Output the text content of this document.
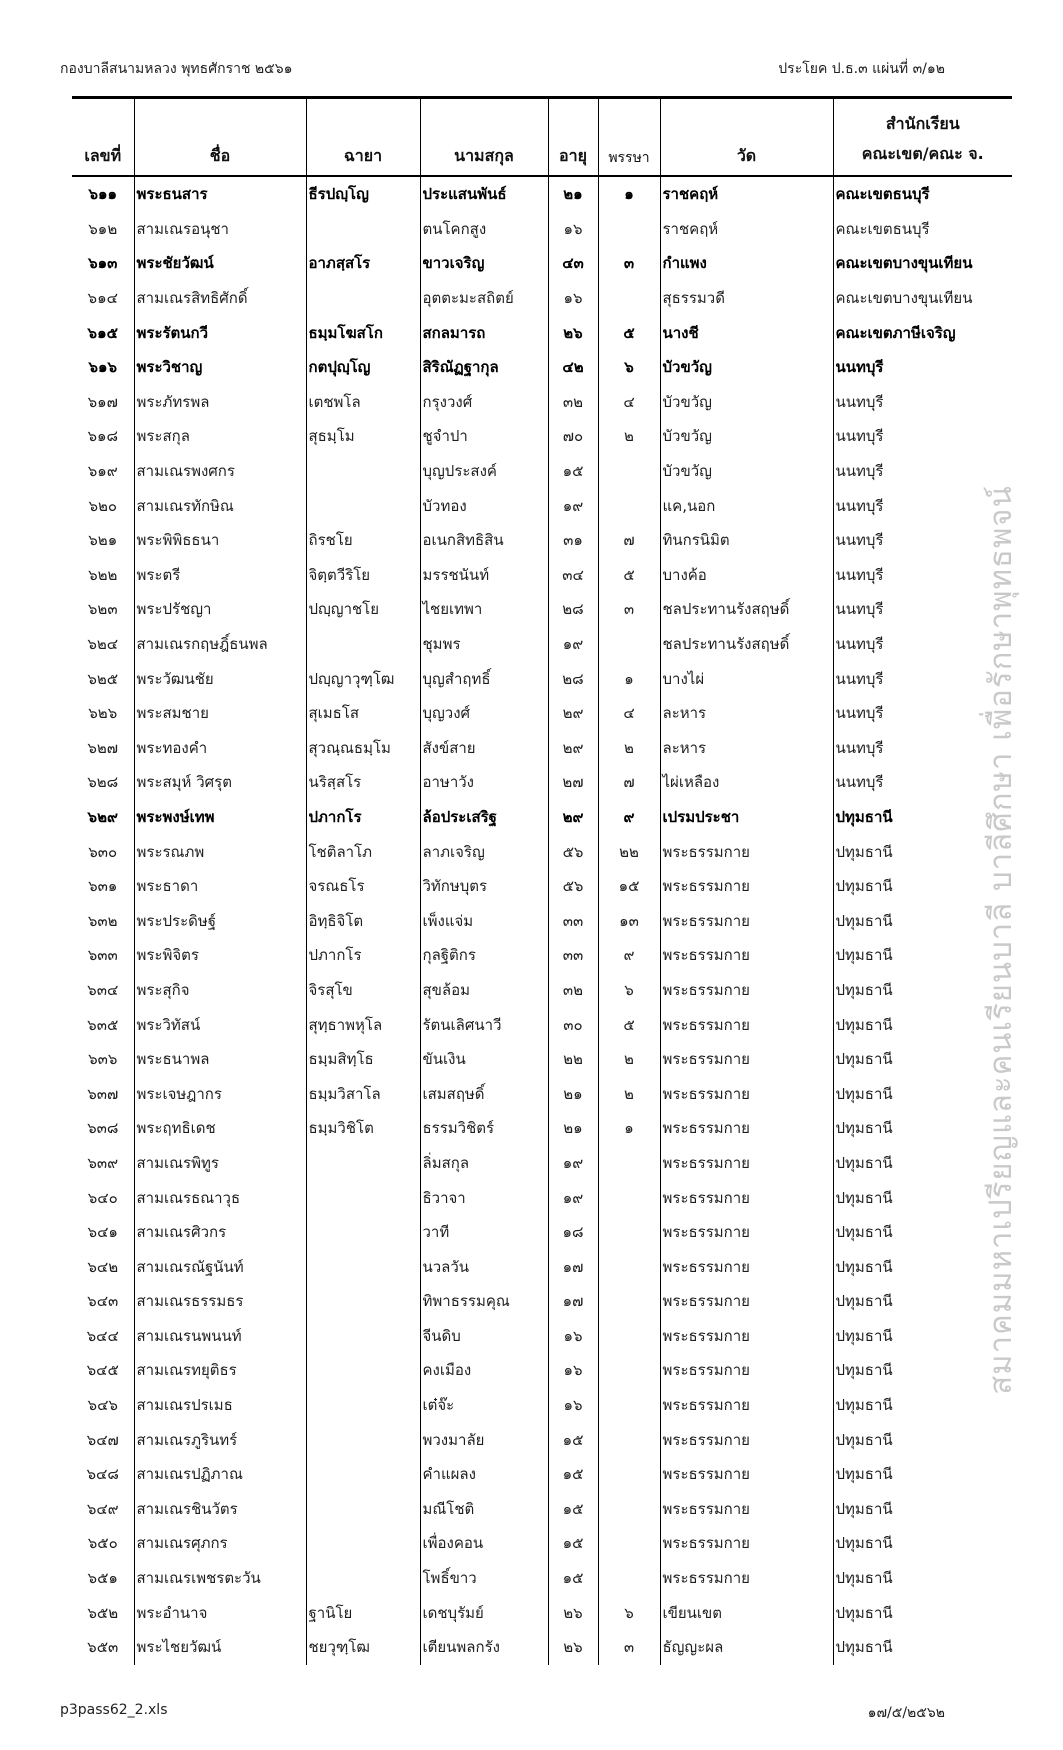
กองบาลีสนามหลวง พุทธศักราช ๒๕๖๑	ประโยค ป.ธ.๓ แผ่นที่ ๓/๑๒
สมาคมมหาเปรียญและคนเรียนบาลี บาลีศึกษา เพื่อรักษาพุทธพจน์
เลขที่	ชื่อ	ฉายา	นามสกุล	อายุ	พรรษา	วัด	สำนักเรียน
คณะเขต/คณะ จ.

๖๑๑	พระธนสาร	ธีรปญฺโญ	ประแสนพันธ์	๒๑	๑	ราชคฤห์	คณะเขตธนบุรี
๖๑๒	สามเณรอนุชา		ตนโคกสูง	๑๖		ราชคฤห์	คณะเขตธนบุรี
๖๑๓	พระชัยวัฒน์	อาภสฺสโร	ขาวเจริญ	๔๓	๓	กำแพง	คณะเขตบางขุนเทียน
๖๑๔	สามเณรสิทธิศักดิ์		อุตตะมะสถิตย์	๑๖		สุธรรมวดี	คณะเขตบางขุนเทียน
๖๑๕	พระรัตนกวี	ธมฺมโฆสโก	สกลมารถ	๒๖	๕	นางชี	คณะเขตภาษีเจริญ
๖๑๖	พระวิชาญ	กตปุญฺโญ	สิริณัฏฐากุล	๔๒	๖	บัวขวัญ	นนทบุรี
๖๑๗	พระภัทรพล	เตชพโล	กรุงวงศ์	๓๒	๔	บัวขวัญ	นนทบุรี
๖๑๘	พระสกุล	สุธมฺโม	ชูจำปา	๗๐	๒	บัวขวัญ	นนทบุรี
๖๑๙	สามเณรพงศกร		บุญประสงค์	๑๕		บัวขวัญ	นนทบุรี
๖๒๐	สามเณรทักษิณ		บัวทอง	๑๙		แค,นอก	นนทบุรี
๖๒๑	พระพิพิธธนา	ถิรชโย	อเนกสิทธิสิน	๓๑	๗	ทินกรนิมิต	นนทบุรี
๖๒๒	พระตรี	จิตฺตวีริโย	มรรชนันท์	๓๔	๕	บางค้อ	นนทบุรี
๖๒๓	พระปรัชญา	ปญฺญาชโย	ไชยเทพา	๒๘	๓	ชลประทานรังสฤษดิ์	นนทบุรี
๖๒๔	สามเณรกฤษฎิ์ธนพล		ชุมพร	๑๙		ชลประทานรังสฤษดิ์	นนทบุรี
๖๒๕	พระวัฒนชัย	ปญฺญาวุฑฺโฒ	บุญสำฤทธิ์	๒๘	๑	บางไผ่	นนทบุรี
๖๒๖	พระสมชาย	สุเมธโส	บุญวงศ์	๒๙	๔	ละหาร	นนทบุรี
๖๒๗	พระทองคำ	สุวณฺณธมฺโม	สังข์สาย	๒๙	๒	ละหาร	นนทบุรี
๖๒๘	พระสมุห์ วิศรุต	นริสฺสโร	อาษาวัง	๒๗	๗	ไผ่เหลือง	นนทบุรี
๖๒๙	พระพงษ์เทพ	ปภากโร	ล้อประเสริฐ	๒๙	๙	เปรมประชา	ปทุมธานี
๖๓๐	พระรณภพ	โชติลาโภ	ลาภเจริญ	๕๖	๒๒	พระธรรมกาย	ปทุมธานี
๖๓๑	พระธาดา	จรณธโร	วิทักษบุตร	๕๖	๑๕	พระธรรมกาย	ปทุมธานี
๖๓๒	พระประดิษฐ์	อิทฺธิจิโต	เพ็งแจ่ม	๓๓	๑๓	พระธรรมกาย	ปทุมธานี
๖๓๓	พระพิจิตร	ปภากโร	กุลฐิติกร	๓๓	๙	พระธรรมกาย	ปทุมธานี
๖๓๔	พระสุกิจ	จิรสุโข	สุขล้อม	๓๒	๖	พระธรรมกาย	ปทุมธานี
๖๓๕	พระวิทัสน์	สุทฺธาพหุโล	รัตนเลิศนาวี	๓๐	๕	พระธรรมกาย	ปทุมธานี
๖๓๖	พระธนาพล	ธมฺมสิทฺโธ	ขันเงิน	๒๒	๒	พระธรรมกาย	ปทุมธานี
๖๓๗	พระเจษฎากร	ธมฺมวิสาโล	เสมสฤษดิ์	๒๑	๒	พระธรรมกาย	ปทุมธานี
๖๓๘	พระฤทธิเดช	ธมฺมวิชิโต	ธรรมวิชิตร์	๒๑	๑	พระธรรมกาย	ปทุมธานี
๖๓๙	สามเณรพิทูร		ลิ่มสกุล	๑๙		พระธรรมกาย	ปทุมธานี
๖๔๐	สามเณรธณาวุธ		ธิวาจา	๑๙		พระธรรมกาย	ปทุมธานี
๖๔๑	สามเณรศิวกร		วาที	๑๘		พระธรรมกาย	ปทุมธานี
๖๔๒	สามเณรณัฐนันท์		นวลวัน	๑๗		พระธรรมกาย	ปทุมธานี
๖๔๓	สามเณรธรรมธร		ทิพาธรรมคุณ	๑๗		พระธรรมกาย	ปทุมธานี
๖๔๔	สามเณรนพนนท์		จีนดิบ	๑๖		พระธรรมกาย	ปทุมธานี
๖๔๕	สามเณรทยุติธร		คงเมือง	๑๖		พระธรรมกาย	ปทุมธานี
๖๔๖	สามเณรปรเมธ		เต๋จ๊ะ	๑๖		พระธรรมกาย	ปทุมธานี
๖๔๗	สามเณรภูรินทร์		พวงมาลัย	๑๕		พระธรรมกาย	ปทุมธานี
๖๔๘	สามเณรปฏิภาณ		คำแผลง	๑๕		พระธรรมกาย	ปทุมธานี
๖๔๙	สามเณรชินวัตร		มณีโชติ	๑๕		พระธรรมกาย	ปทุมธานี
๖๕๐	สามเณรศุภกร		เพื่องคอน	๑๕		พระธรรมกาย	ปทุมธานี
๖๕๑	สามเณรเพชรตะวัน		โพธิ์ขาว	๑๕		พระธรรมกาย	ปทุมธานี
๖๕๒	พระอำนาจ	ฐานิโย	เดชบุรัมย์	๒๖	๖	เขียนเขต	ปทุมธานี
๖๕๓	พระไชยวัฒน์	ชยวุฑฺโฒ	เตียนพลกรัง	๒๖	๓	ธัญญะผล	ปทุมธานี
p3pass62_2.xls	๑๗/๕/๒๕๖๒
